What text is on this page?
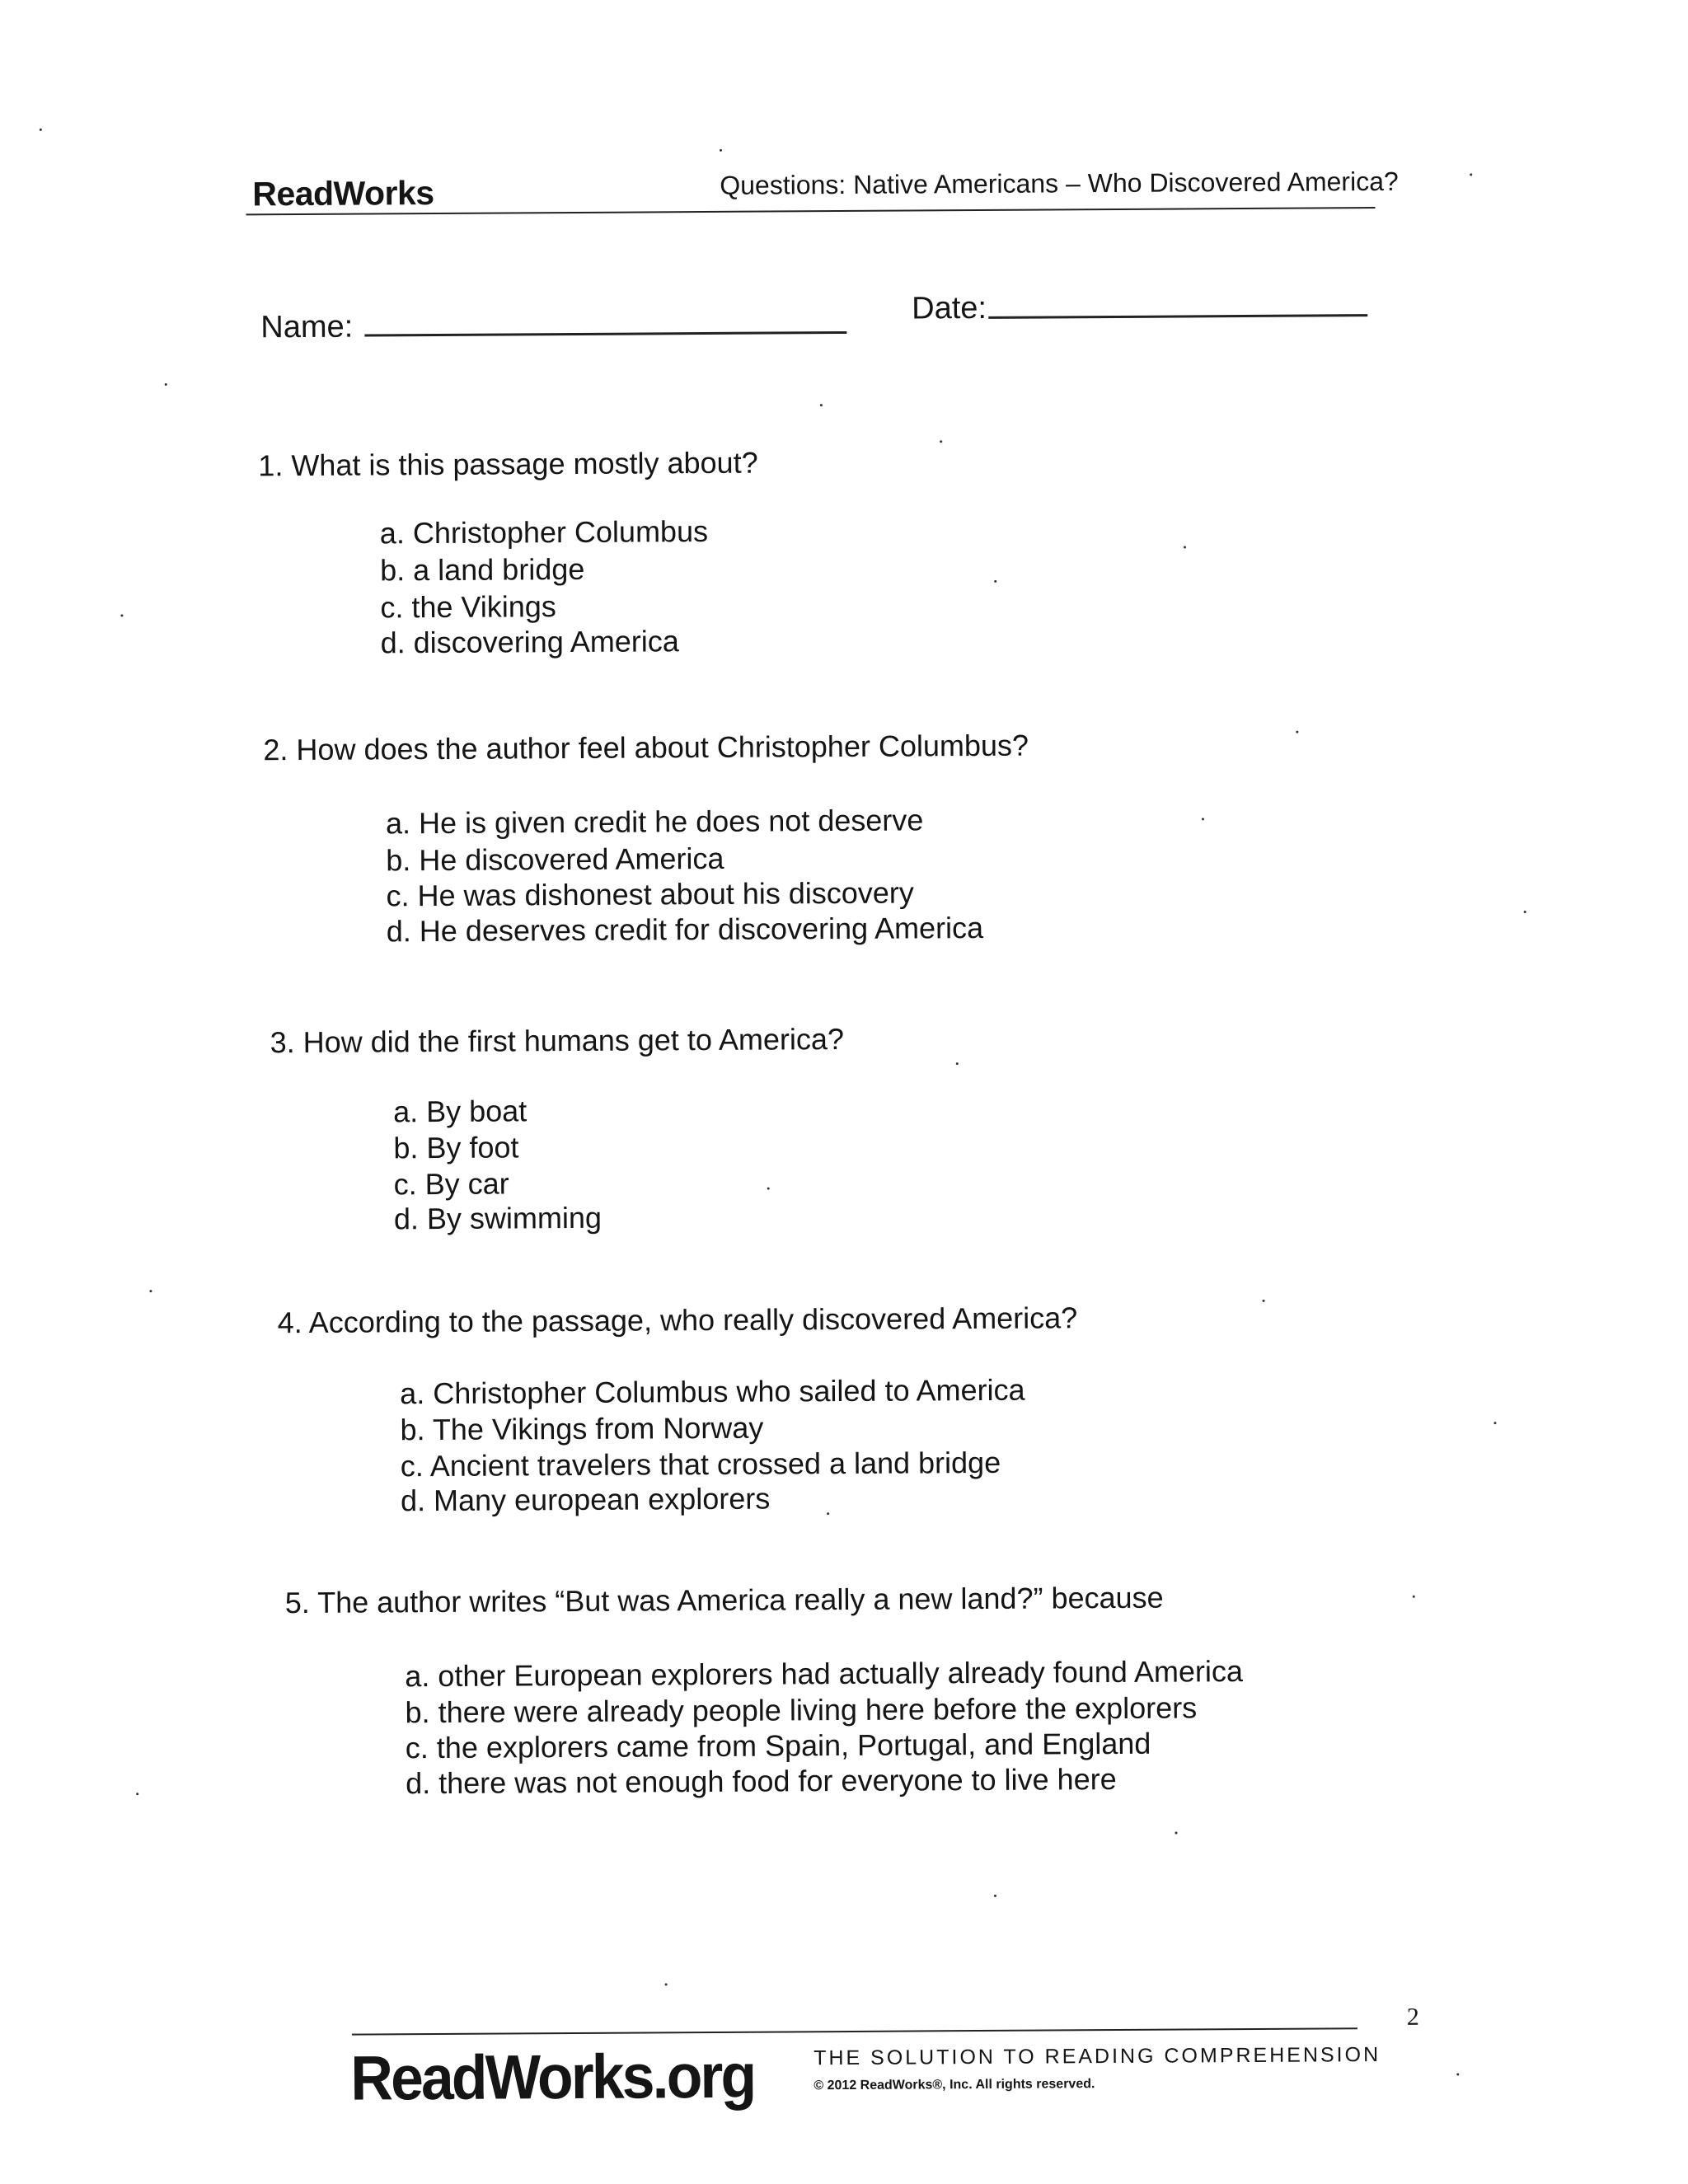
ReadWorks	Questions: Native Americans – Who Discovered America?
Name:
Date:
1. What is this passage mostly about?
a. Christopher Columbus
b. a land bridge
c. the Vikings
d. discovering America
2. How does the author feel about Christopher Columbus?
a. He is given credit he does not deserve
b. He discovered America
c. He was dishonest about his discovery
d. He deserves credit for discovering America
3. How did the first humans get to America?
a. By boat
b. By foot
c. By car
d. By swimming
4. According to the passage, who really discovered America?
a. Christopher Columbus who sailed to America
b. The Vikings from Norway
c. Ancient travelers that crossed a land bridge
d. Many european explorers
5. The author writes “But was America really a new land?” because
a. other European explorers had actually already found America
b. there were already people living here before the explorers
c. the explorers came from Spain, Portugal, and England
d. there was not enough food for everyone to live here
2
ReadWorks.org	THE SOLUTION TO READING COMPREHENSION
© 2012 ReadWorks®, Inc. All rights reserved.
